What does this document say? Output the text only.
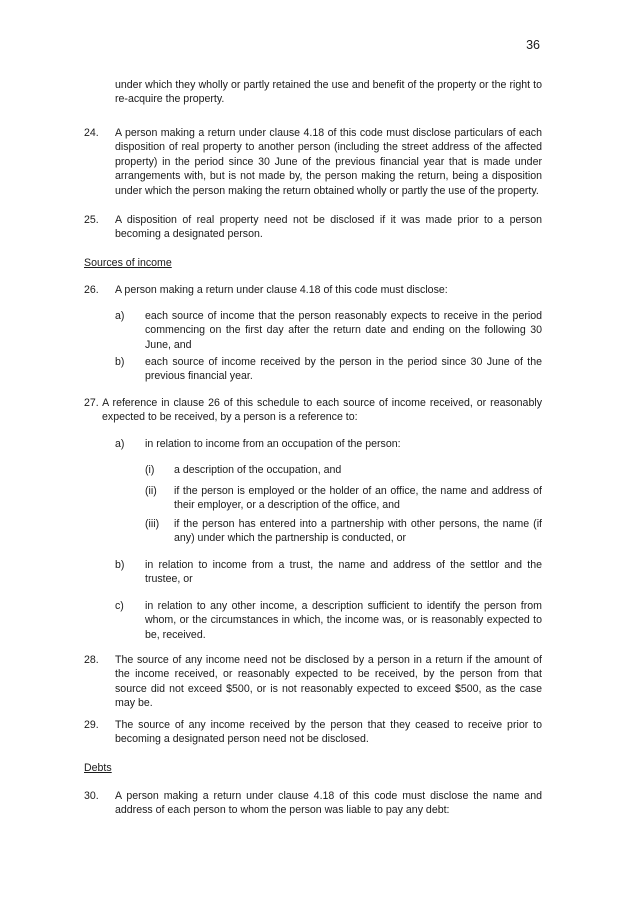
36

under which they wholly or partly retained the use and benefit of the property or the right to re-acquire the property.

24. A person making a return under clause 4.18 of this code must disclose particulars of each disposition of real property to another person (including the street address of the affected property) in the period since 30 June of the previous financial year that is made under arrangements with, but is not made by, the person making the return, being a disposition under which the person making the return obtained wholly or partly the use of the property.

25. A disposition of real property need not be disclosed if it was made prior to a person becoming a designated person.

Sources of income
26. A person making a return under clause 4.18 of this code must disclose:

a) each source of income that the person reasonably expects to receive in the period commencing on the first day after the return date and ending on the following 30 June, and

b) each source of income received by the person in the period since 30 June of the previous financial year.

27. A reference in clause 26 of this schedule to each source of income received, or reasonably expected to be received, by a person is a reference to:

a) in relation to income from an occupation of the person:

(i) a description of the occupation, and

(ii) if the person is employed or the holder of an office, the name and address of their employer, or a description of the office, and

(iii) if the person has entered into a partnership with other persons, the name (if any) under which the partnership is conducted, or

b) in relation to income from a trust, the name and address of the settlor and the trustee, or

c) in relation to any other income, a description sufficient to identify the person from whom, or the circumstances in which, the income was, or is reasonably expected to be, received.

28. The source of any income need not be disclosed by a person in a return if the amount of the income received, or reasonably expected to be received, by the person from that source did not exceed $500, or is not reasonably expected to exceed $500, as the case may be.

29. The source of any income received by the person that they ceased to receive prior to becoming a designated person need not be disclosed.

Debts
30. A person making a return under clause 4.18 of this code must disclose the name and address of each person to whom the person was liable to pay any debt:
